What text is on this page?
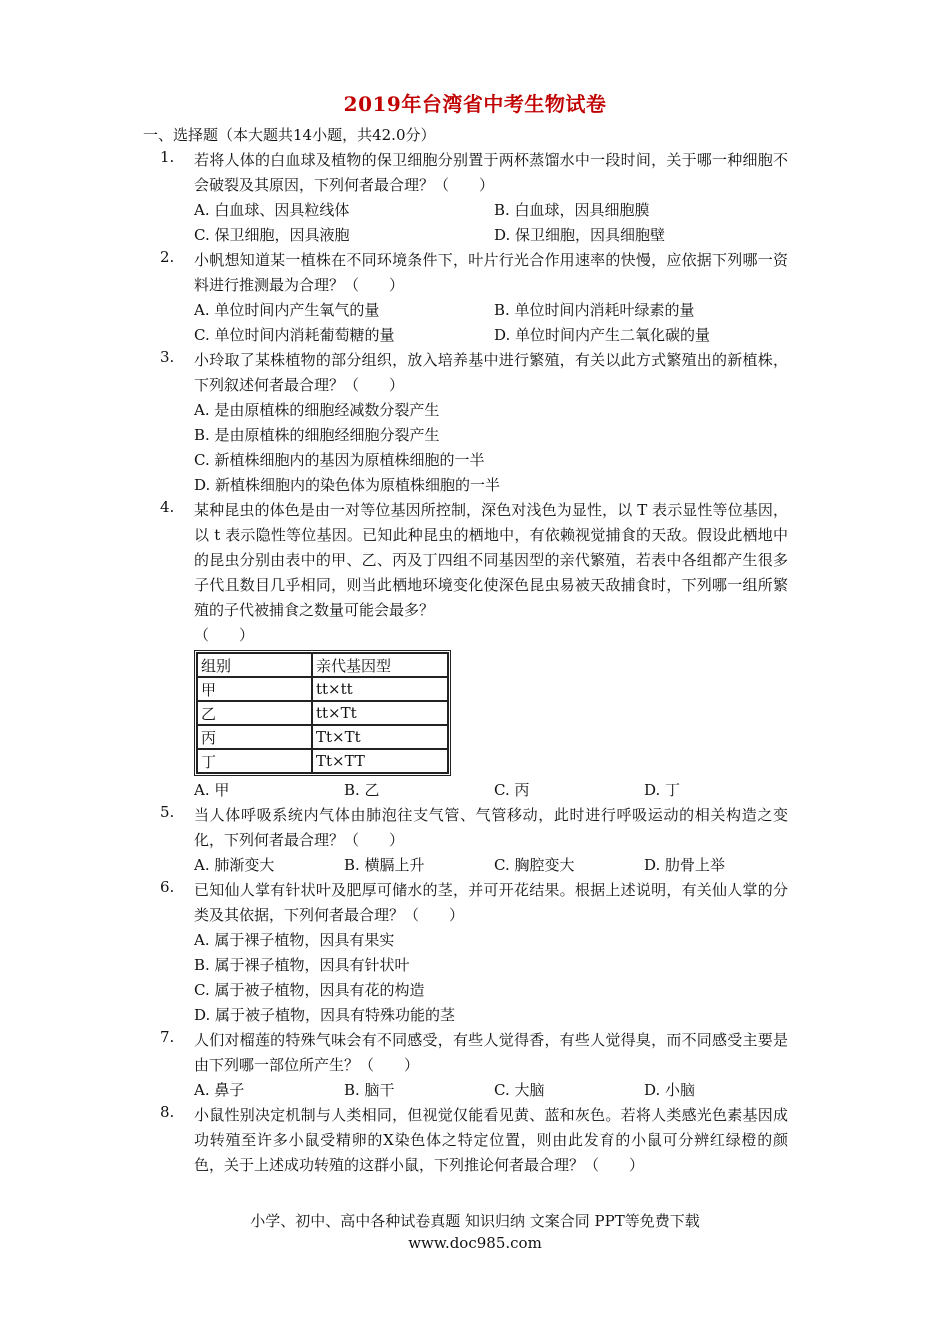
2019年台湾省中考生物试卷
一、选择题（本大题共14小题，共42.0分）
1. 若将人体的白血球及植物的保卫细胞分别置于两杯蒸馏水中一段时间，关于哪一种细胞不会破裂及其原因，下列何者最合理？（　　）
A. 白血球、因具粒线体	B. 白血球，因具细胞膜
C. 保卫细胞，因具液胞	D. 保卫细胞，因具细胞壁
2. 小帆想知道某一植株在不同环境条件下，叶片行光合作用速率的快慢，应依据下列哪一资料进行推测最为合理？（　　）
A. 单位时间内产生氧气的量	B. 单位时间内消耗叶绿素的量
C. 单位时间内消耗葡萄糖的量	D. 单位时间内产生二氧化碳的量
3. 小玲取了某株植物的部分组织，放入培养基中进行繁殖，有关以此方式繁殖出的新植株，下列叙述何者最合理？（　　）
A. 是由原植株的细胞经减数分裂产生
B. 是由原植株的细胞经细胞分裂产生
C. 新植株细胞内的基因为原植株细胞的一半
D. 新植株细胞内的染色体为原植株细胞的一半
4. 某种昆虫的体色是由一对等位基因所控制，深色对浅色为显性，以 T 表示显性等位基因，以 t 表示隐性等位基因。已知此种昆虫的栖地中，有依赖视觉捕食的天敌。假设此栖地中的昆虫分别由表中的甲、乙、丙及丁四组不同基因型的亲代繁殖，若表中各组都产生很多子代且数目几乎相同，则当此栖地环境变化使深色昆虫易被天敌捕食时，下列哪一组所繁殖的子代被捕食之数量可能会最多？
（　　）
组别	亲代基因型
甲	tt×tt
乙	tt×Tt
丙	Tt×Tt
丁	Tt×TT
A. 甲	B. 乙	C. 丙	D. 丁
5. 当人体呼吸系统内气体由肺泡往支气管、气管移动，此时进行呼吸运动的相关构造之变化，下列何者最合理？（　　）
A. 肺渐变大	B. 横膈上升	C. 胸腔变大	D. 肋骨上举
6. 已知仙人掌有针状叶及肥厚可储水的茎，并可开花结果。根据上述说明，有关仙人掌的分类及其依据，下列何者最合理？（　　）
A. 属于裸子植物，因具有果实
B. 属于裸子植物，因具有针状叶
C. 属于被子植物，因具有花的构造
D. 属于被子植物，因具有特殊功能的茎
7. 人们对榴莲的特殊气味会有不同感受，有些人觉得香，有些人觉得臭，而不同感受主要是由下列哪一部位所产生？（　　）
A. 鼻子	B. 脑干	C. 大脑	D. 小脑
8. 小鼠性别决定机制与人类相同，但视觉仅能看见黄、蓝和灰色。若将人类感光色素基因成功转殖至许多小鼠受精卵的X染色体之特定位置，则由此发育的小鼠可分辨红绿橙的颜色，关于上述成功转殖的这群小鼠，下列推论何者最合理？（　　）
小学、初中、高中各种试卷真题 知识归纳 文案合同 PPT等免费下载
www.doc985.com
